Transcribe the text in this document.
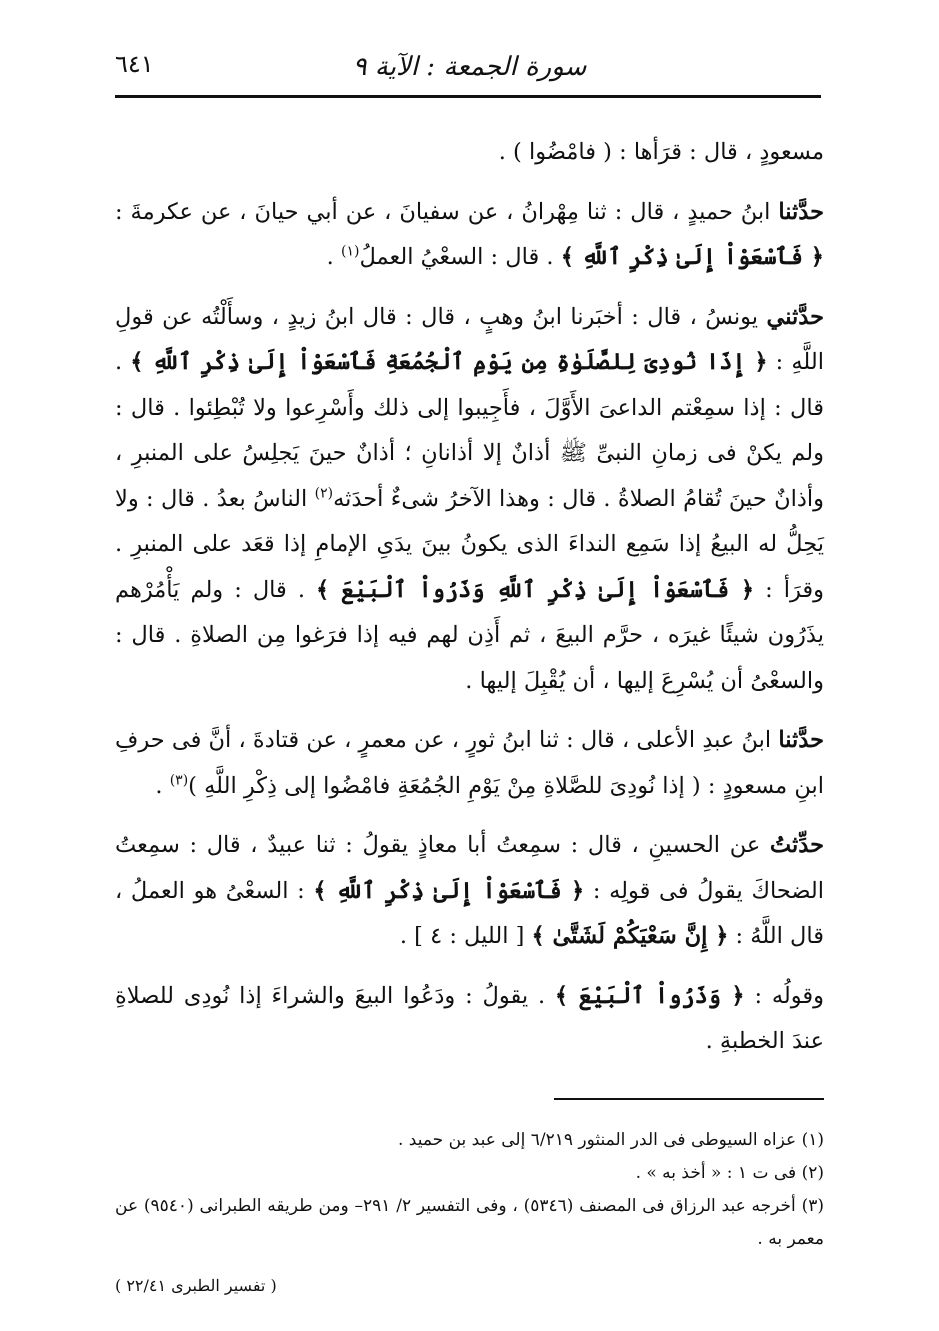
سورة الجمعة : الآية ٩
٦٤١

مسعودٍ ، قال : قرَأها : ( فامْضُوا ) .

حدَّثنا ابنُ حميدٍ ، قال : ثنا مِهْرانُ ، عن سفيانَ ، عن أبي حيانَ ، عن عكرمةَ : ﴿ فَٱسْعَوْاْ إِلَىٰ ذِكْرِ ٱللَّهِ ﴾ . قال : السعْيُ العملُ$^{(١)}$ .

حدَّثني يونسُ ، قال : أخبَرنا ابنُ وهبٍ ، قال : قال ابنُ زيدٍ ، وسأَلْتُه عن قولِ اللَّهِ : ﴿ إِذَا نُودِىَ لِلصَّلَوٰةِ مِن يَوْمِ ٱلْجُمُعَةِ فَٱسْعَوْاْ إِلَىٰ ذِكْرِ ٱللَّهِ ﴾ . قال : إذا سمِعْتم الداعىَ الأَوَّلَ ، فأَجِيبوا إلى ذلك وأَسْرِعوا ولا تُبْطِئوا . قال : ولم يكنْ فى زمانِ النبىِّ ﷺ أذانٌ إلا أذانانِ ؛ أذانٌ حينَ يَجلِسُ على المنبرِ ، وأذانٌ حينَ تُقامُ الصلاةُ . قال : وهذا الآخرُ شىءٌ أحدَثه$^{(٢)}$ الناسُ بعدُ . قال : ولا يَحِلُّ له البيعُ إذا سَمِع النداءَ الذى يكونُ بينَ يدَىِ الإمامِ إذا قعَد على المنبرِ . وقرَأ : ﴿ فَٱسْعَوْاْ إِلَىٰ ذِكْرِ ٱللَّهِ وَذَرُواْ ٱلْبَيْعَ ﴾ . قال : ولم يَأْمُرْهم يذَرُون شيئًا غيرَه ، حرَّم البيعَ ، ثم أَذِن لهم فيه إذا فرَغوا مِن الصلاةِ . قال : والسعْىُ أن يُسْرِعَ إليها ، أن يُقْبِلَ إليها .

حدَّثنا ابنُ عبدِ الأعلى ، قال : ثنا ابنُ ثورٍ ، عن معمرٍ ، عن قتادةَ ، أنَّ فى حرفِ ابنِ مسعودٍ : ( إذا نُودِىَ للصَّلاةِ مِنْ يَوْمِ الجُمُعَةِ فامْضُوا إلى ذِكْرِ اللَّهِ )$^{(٣)}$ .

حدِّثتُ عن الحسينِ ، قال : سمِعتُ أبا معاذٍ يقولُ : ثنا عبيدٌ ، قال : سمِعتُ الضحاكَ يقولُ فى قولِه : ﴿ فَٱسْعَوْاْ إِلَىٰ ذِكْرِ ٱللَّهِ ﴾ : السعْىُ هو العملُ ، قال اللَّهُ : ﴿ إِنَّ سَعْيَكُمْ لَشَتَّىٰ ﴾ [ الليل : ٤ ] .

وقولُه : ﴿ وَذَرُواْ ٱلْبَيْعَ ﴾ . يقولُ : ودَعُوا البيعَ والشراءَ إذا نُودِى للصلاةِ عندَ الخطبةِ .

(١) عزاه السيوطى فى الدر المنثور ٦/٢١٩ إلى عبد بن حميد .

(٢) فى ت ١ : « أخذ به » .

(٣) أخرجه عبد الرزاق فى المصنف (٥٣٤٦) ، وفى التفسير ٢/ ٢٩١– ومن طريقه الطبرانى (٩٥٤٠) عن معمر به .

( تفسير الطبرى ٢٢/٤١ )
